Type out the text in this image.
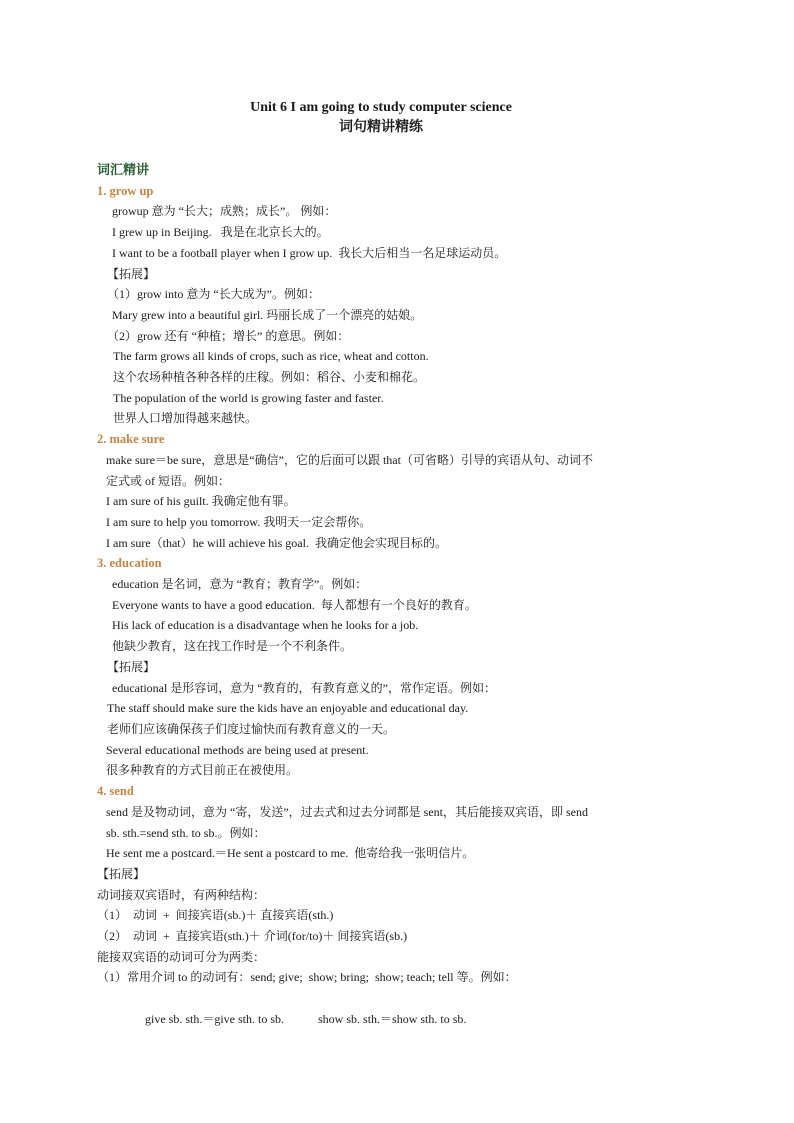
Unit 6 I am going to study computer science
词句精讲精练

词汇精讲

1. grow up

growup 意为 “长大；成熟；成长”。 例如：

I grew up in Beijing.   我是在北京长大的。

I want to be a football player when I grow up.  我长大后相当一名足球运动员。

【拓展】

（1）grow into 意为 “长大成为”。例如：

Mary grew into a beautiful girl. 玛丽长成了一个漂亮的姑娘。

（2）grow 还有 “种植；增长” 的意思。例如：

The farm grows all kinds of crops, such as rice, wheat and cotton.

这个农场种植各种各样的庄稼。例如：稻谷、小麦和棉花。

The population of the world is growing faster and faster.

世界人口增加得越来越快。

2. make sure

make sure＝be sure，意思是“确信”，它的后面可以跟 that（可省略）引导的宾语从句、动词不

定式或 of 短语。例如：

I am sure of his guilt. 我确定他有罪。

I am sure to help you tomorrow. 我明天一定会帮你。

I am sure（that）he will achieve his goal.  我确定他会实现目标的。

3. education

education 是名词，意为 “教育；教育学”。例如：

Everyone wants to have a good education.  每人都想有一个良好的教育。

His lack of education is a disadvantage when he looks for a job.

他缺少教育，这在找工作时是一个不利条件。

【拓展】

educational 是形容词，意为 “教育的，有教育意义的”，常作定语。例如：

The staff should make sure the kids have an enjoyable and educational day.

老师们应该确保孩子们度过愉快而有教育意义的一天。

Several educational methods are being used at present.

很多种教育的方式目前正在被使用。

4. send

send 是及物动词，意为 “寄，发送”，过去式和过去分词都是 sent，其后能接双宾语，即 send

sb. sth.=send sth. to sb.。例如：

He sent me a postcard.＝He sent a postcard to me.  他寄给我一张明信片。

【拓展】

动词接双宾语时，有两种结构：

（1）  动词  +  间接宾语(sb.)＋ 直接宾语(sth.)

（2）  动词  +  直接宾语(sth.)＋ 介词(for/to)＋ 间接宾语(sb.)

能接双宾语的动词可分为两类：

（1）常用介词 to 的动词有：send; give;  show; bring;  show; teach; tell 等。例如：

give sb. sth.＝give sth. to sb.	show sb. sth.＝show sth. to sb.
